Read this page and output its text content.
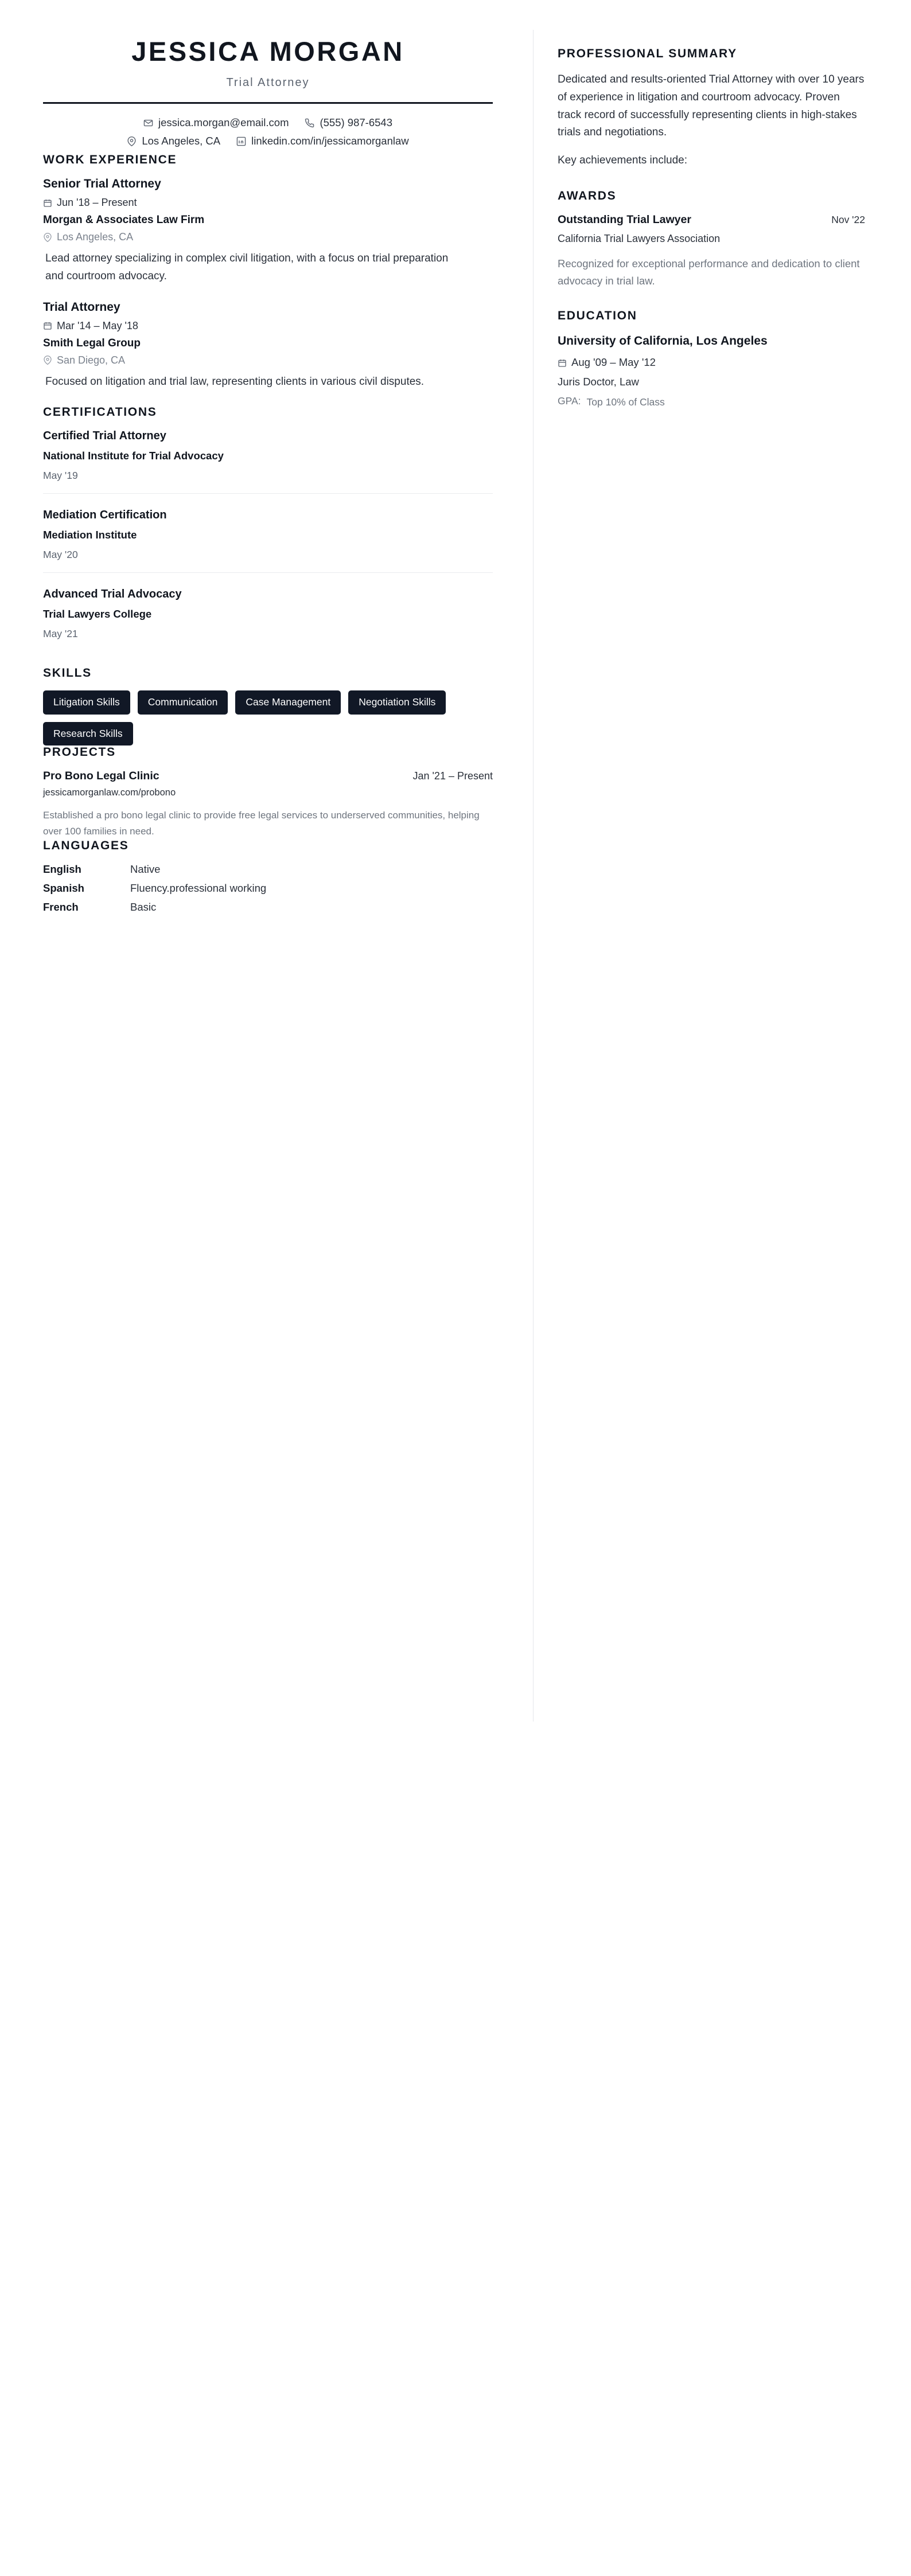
JESSICA MORGAN
Trial Attorney
jessica.morgan@email.com	(555) 987-6543
Los Angeles, CA	linkedin.com/in/jessicamorganlaw
WORK EXPERIENCE
Senior Trial Attorney
Jun '18 – Present
Morgan & Associates Law Firm
Los Angeles, CA
Lead attorney specializing in complex civil litigation, with a focus on trial preparation and courtroom advocacy.
Trial Attorney
Mar '14 – May '18
Smith Legal Group
San Diego, CA
Focused on litigation and trial law, representing clients in various civil disputes.
CERTIFICATIONS
Certified Trial Attorney
National Institute for Trial Advocacy
May '19
Mediation Certification
Mediation Institute
May '20
Advanced Trial Advocacy
Trial Lawyers College
May '21
SKILLS
Litigation Skills	Communication	Case Management	Negotiation Skills
Research Skills
PROJECTS
Pro Bono Legal Clinic	Jan '21 – Present
jessicamorganlaw.com/probono
Established a pro bono legal clinic to provide free legal services to underserved communities, helping over 100 families in need.
LANGUAGES
English	Native
Spanish	Fluency.professional working
French	Basic
PROFESSIONAL SUMMARY

Dedicated and results-oriented Trial Attorney with over 10 years of experience in litigation and courtroom advocacy. Proven track record of successfully representing clients in high-stakes trials and negotiations.

Key achievements include:

AWARDS
Outstanding Trial Lawyer	Nov '22
California Trial Lawyers Association
Recognized for exceptional performance and dedication to client advocacy in trial law.
EDUCATION
University of California, Los Angeles
Aug '09 – May '12
Juris Doctor, Law
GPA: Top 10% of Class
